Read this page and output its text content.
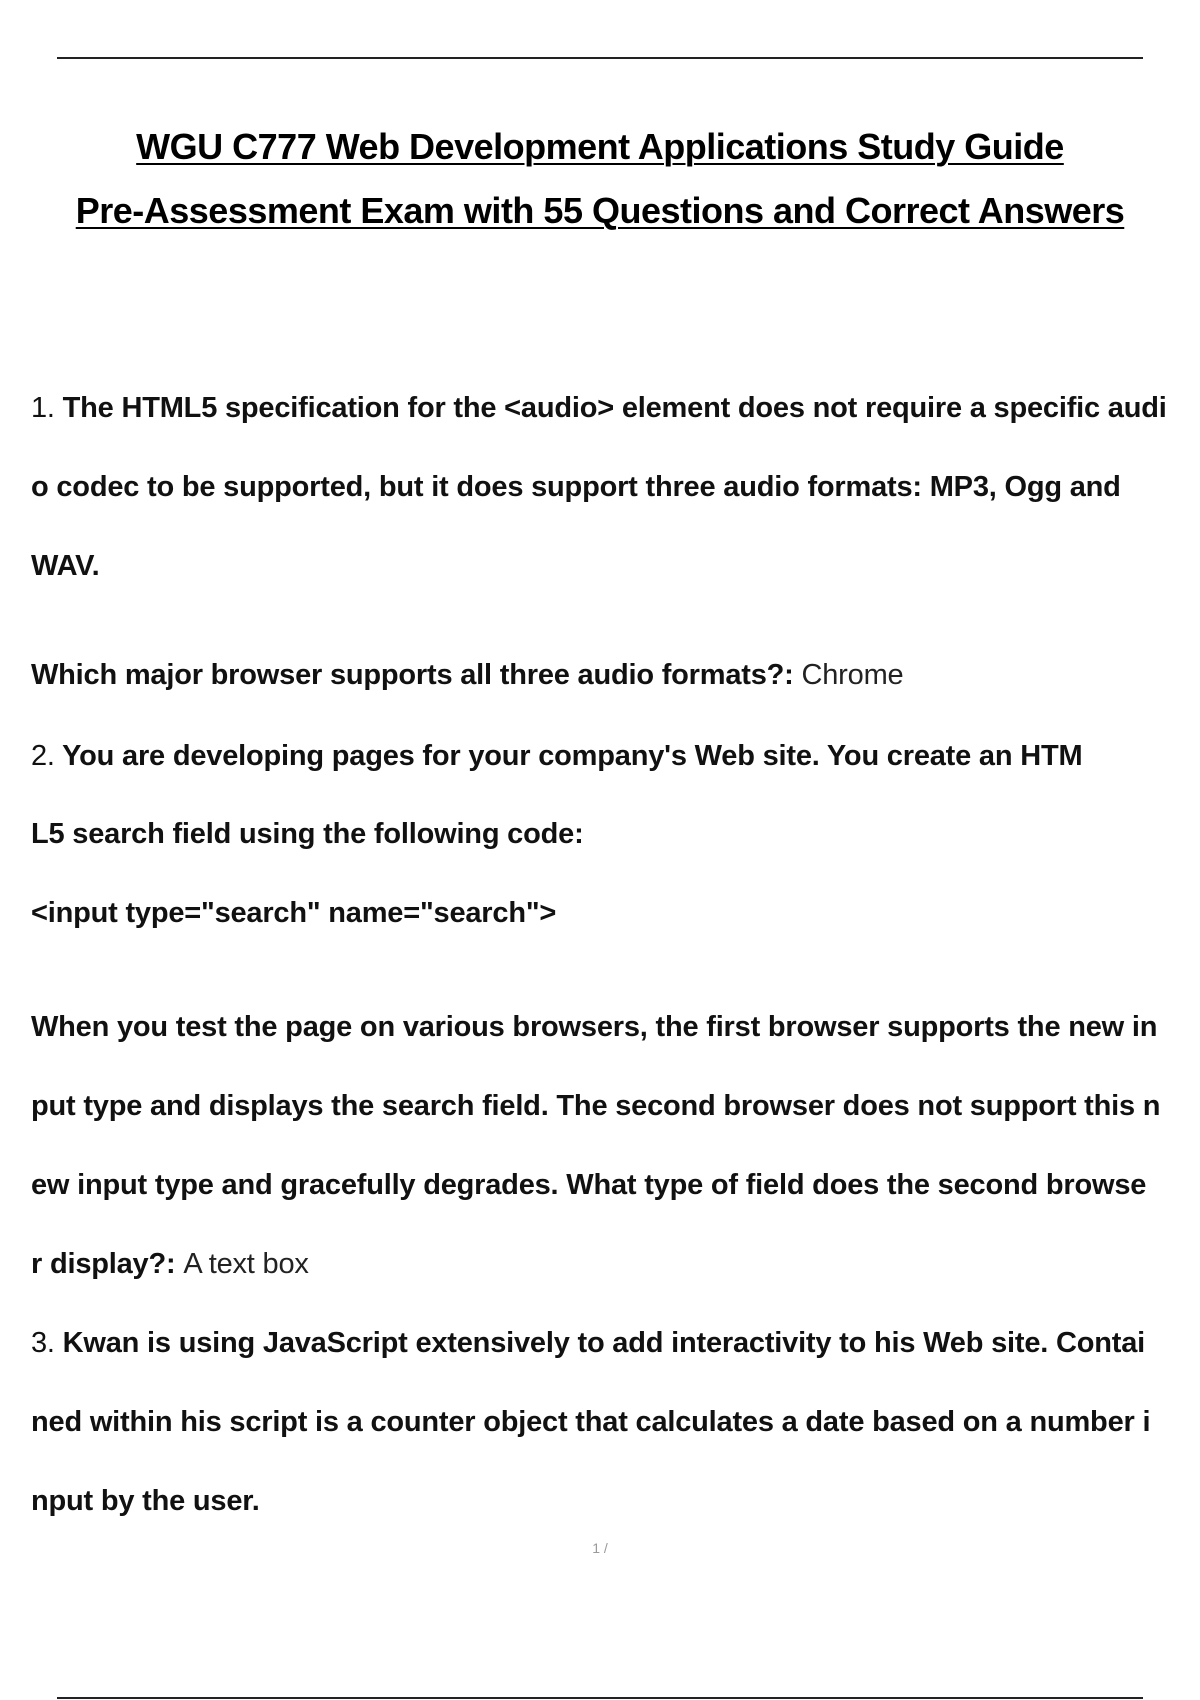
WGU C777 Web Development Applications Study Guide
Pre-Assessment Exam with 55 Questions and Correct Answers
1. The HTML5 specification for the <audio> element does not require a specific audi
o codec to be supported, but it does support three audio formats: MP3, Ogg and
WAV.
Which major browser supports all three audio formats?: Chrome
2. You are developing pages for your company's Web site. You create an HTM
L5 search field using the following code:
<input type="search" name="search">
When you test the page on various browsers, the first browser supports the new in
put type and displays the search field. The second browser does not support this n
ew input type and gracefully degrades. What type of field does the second browse
r display?: A text box
3. Kwan is using JavaScript extensively to add interactivity to his Web site. Contai
ned within his script is a counter object that calculates a date based on a number i
nput by the user.
1 /
